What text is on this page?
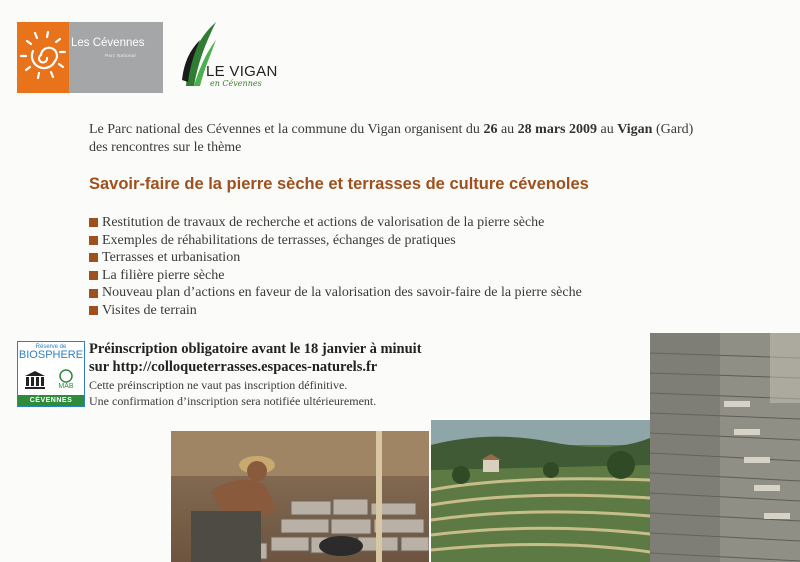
Les Cévennes
Parc National
LE VIGAN
en Cévennes
Le Parc national des Cévennes et la commune du Vigan organisent du 26 au 28 mars 2009 au Vigan (Gard)
des rencontres sur le thème
Savoir-faire de la pierre sèche et terrasses de culture cévenoles
Restitution de travaux de recherche et actions de valorisation de la pierre sèche
Exemples de réhabilitations de terrasses, échanges de pratiques
Terrasses et urbanisation
La filière pierre sèche
Nouveau plan d’actions en faveur de la valorisation des savoir-faire de la pierre sèche
Visites de terrain
Réserve de
BIOSPHERE
MAB
CÉVENNES
Préinscription obligatoire avant le 18 janvier à minuit
sur http://colloqueterrasses.espaces-naturels.fr
Cette préinscription ne vaut pas inscription définitive.
Une confirmation d’inscription sera notifiée ultérieurement.
